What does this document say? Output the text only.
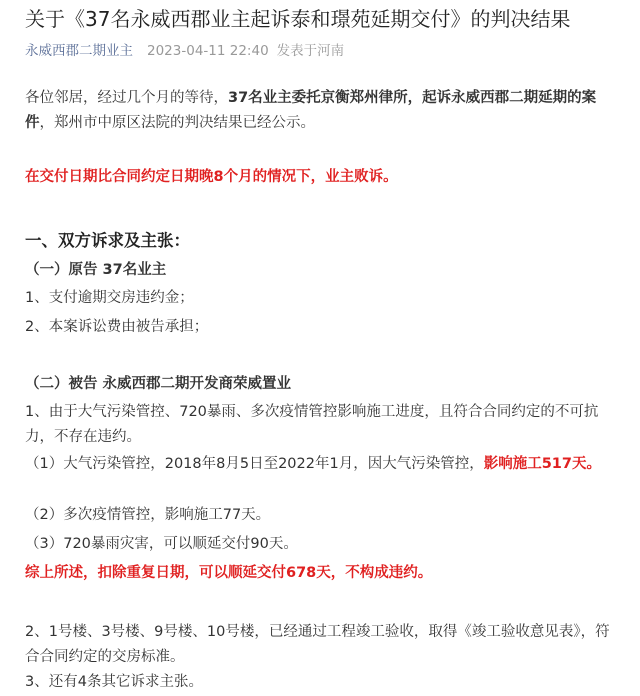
关于《37名永威西郡业主起诉泰和璟苑延期交付》的判决结果
永威西郡二期业主 2023-04-11 22:40 发表于河南
各位邻居，经过几个月的等待，37名业主委托京衡郑州律所，起诉永威西郡二期延期的案件，郑州市中原区法院的判决结果已经公示。
在交付日期比合同约定日期晚8个月的情况下，业主败诉。
一、双方诉求及主张：
（一）原告 37名业主
1、支付逾期交房违约金；
2、本案诉讼费由被告承担；
（二）被告 永威西郡二期开发商荣威置业
1、由于大气污染管控、720暴雨、多次疫情管控影响施工进度，且符合合同约定的不可抗力，不存在违约。
（1）大气污染管控，2018年8月5日至2022年1月，因大气污染管控，影响施工517天。
（2）多次疫情管控，影响施工77天。
（3）720暴雨灾害，可以顺延交付90天。
综上所述，扣除重复日期，可以顺延交付678天，不构成违约。
2、1号楼、3号楼、9号楼、10号楼，已经通过工程竣工验收，取得《竣工验收意见表》，符合合同约定的交房标准。
3、还有4条其它诉求主张。
